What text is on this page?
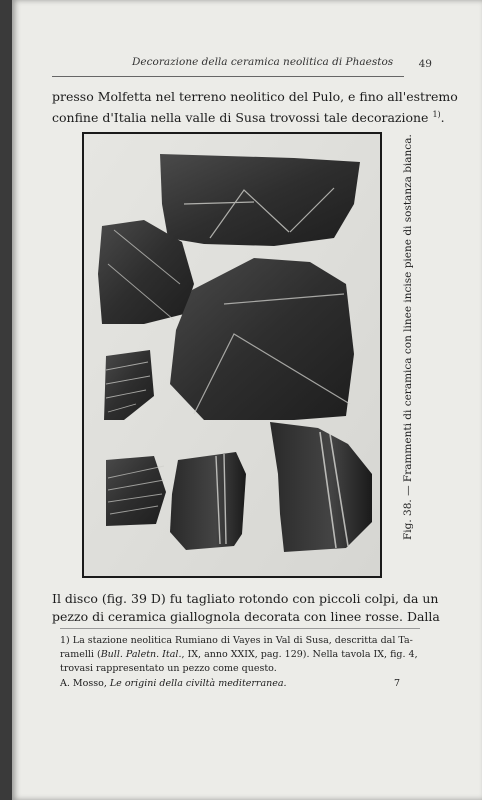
Decorazione della ceramica neolitica di Phaestos 49
presso Molfetta nel terreno neolitico del Pulo, e fino all'estremo
confine d'Italia nella valle di Susa trovossi tale decorazione $^{1)}$.
Fig. 38. — Frammenti di ceramica con linee incise piene di sostanza bianca.
Il disco (fig. 39 D) fu tagliato rotondo con piccoli colpi, da un
pezzo di ceramica giallognola decorata con linee rosse. Dalla
1) La stazione neolitica Rumiano di Vayes in Val di Susa, descritta dal Ta-
ramelli (Bull. Paletn. Ital., IX, anno XXIX, pag. 129). Nella tavola IX, fig. 4,
trovasi rappresentato un pezzo come questo.
A. Mosso, Le origini della civiltà mediterranea.	7
